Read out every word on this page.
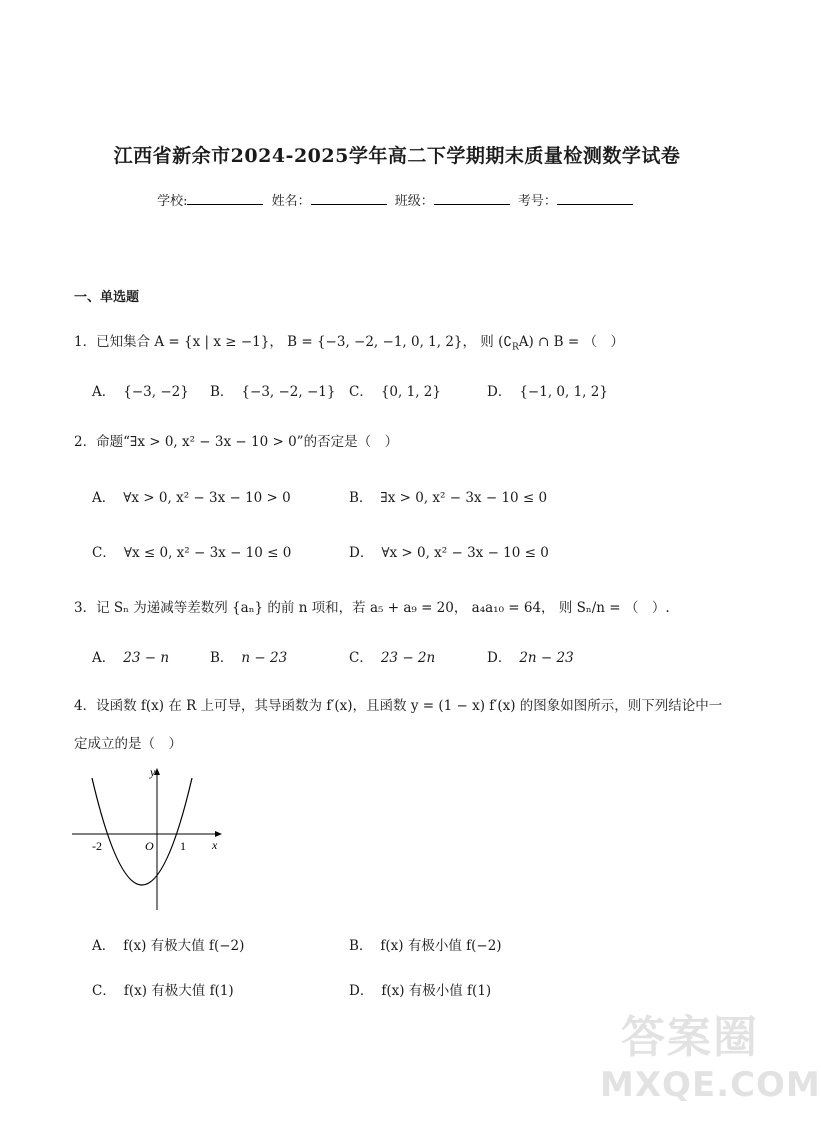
江西省新余市2024-2025学年高二下学期期末质量检测数学试卷
学校:	姓名：	班级：	考号：
一、单选题
1．已知集合 A = {x | x ≥ −1}， B = {−3, −2, −1, 0, 1, 2}， 则 $(∁_RA)$ ∩ B = （　）
A． {−3, −2} B． {−3, −2, −1} C． {0, 1, 2}	D． {−1, 0, 1, 2}
2．命题“∃x > 0, x² − 3x − 10 > 0”的否定是（　）
A． ∀x > 0, x² − 3x − 10 > 0	B． ∃x > 0, x² − 3x − 10 ≤ 0
C． ∀x ≤ 0, x² − 3x − 10 ≤ 0	D． ∀x > 0, x² − 3x − 10 ≤ 0
3．记 Sₙ 为递减等差数列 {aₙ} 的前 n 项和，若 a₅ + a₉ = 20， a₄a₁₀ = 64， 则 Sₙ/n = （　）.
A． 23 − n	B． n − 23	C． 23 − 2n	D． 2n − 23
4．设函数 f(x) 在 R 上可导，其导函数为 f′(x)，且函数 y = (1 − x) f′(x) 的图象如图所示，则下列结论中一
定成立的是（　）
y
x
O
-2	1
A． f(x) 有极大值 f(−2)	B． f(x) 有极小值 f(−2)
C． f(x) 有极大值 f(1)	D． f(x) 有极小值 f(1)
答案圈
MXQE.COM
